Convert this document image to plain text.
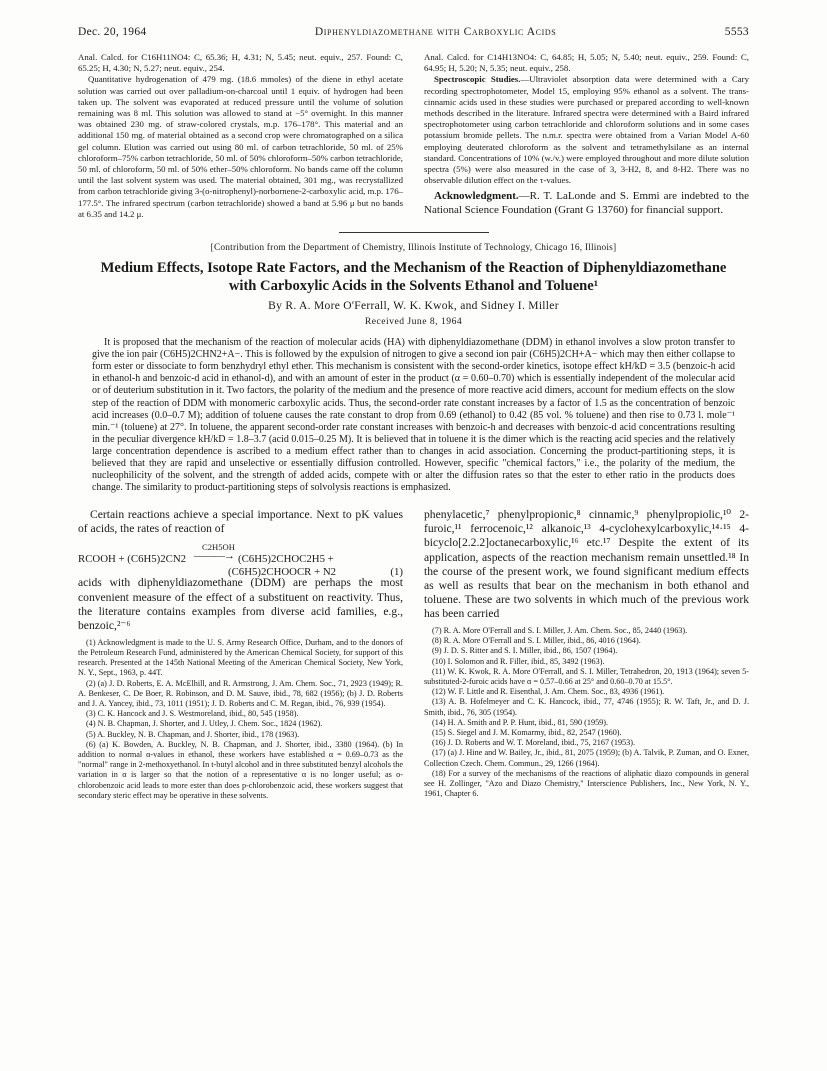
Dec. 20, 1964	Diphenyldiazomethane with Carboxylic Acids	5553

Anal. Calcd. for C16H11NO4: C, 65.36; H, 4.31; N, 5.45; neut. equiv., 257. Found: C, 65.25; H, 4.30; N, 5.27; neut. equiv., 254.

Quantitative hydrogenation of 479 mg. (18.6 mmoles) of the diene in ethyl acetate solution was carried out over palladium-on-charcoal until 1 equiv. of hydrogen had been taken up. The solvent was evaporated at reduced pressure until the volume of solution remaining was 8 ml. This solution was allowed to stand at −5° overnight. In this manner was obtained 230 mg. of straw-colored crystals, m.p. 176–178°. This material and an additional 150 mg. of material obtained as a second crop were chromatographed on a silica gel column. Elution was carried out using 80 ml. of carbon tetrachloride, 50 ml. of 25% chloroform–75% carbon tetrachloride, 50 ml. of 50% chloroform–50% carbon tetrachloride, 50 ml. of chloroform, 50 ml. of 50% ether–50% chloroform. No bands came off the column until the last solvent system was used. The material obtained, 301 mg., was recrystallized from carbon tetrachloride giving 3-(o-nitrophenyl)-norbornene-2-carboxylic acid, m.p. 176–177.5°. The infrared spectrum (carbon tetrachloride) showed a band at 5.96 μ but no bands at 6.35 and 14.2 μ.

Anal. Calcd. for C14H13NO4: C, 64.85; H, 5.05; N, 5.40; neut. equiv., 259. Found: C, 64.95; H, 5.20; N, 5.35; neut. equiv., 258.

Spectroscopic Studies.—Ultraviolet absorption data were determined with a Cary recording spectrophotometer, Model 15, employing 95% ethanol as a solvent. The trans-cinnamic acids used in these studies were purchased or prepared according to well-known methods described in the literature. Infrared spectra were determined with a Baird infrared spectrophotometer using carbon tetrachloride and chloroform solutions and in some cases potassium bromide pellets. The n.m.r. spectra were obtained from a Varian Model A-60 employing deuterated chloroform as the solvent and tetramethylsilane as an internal standard. Concentrations of 10% (w./v.) were employed throughout and more dilute solution spectra (5%) were also measured in the case of 3, 3-H2, 8, and 8-H2. There was no observable dilution effect on the τ-values.

Acknowledgment.—R. T. LaLonde and S. Emmi are indebted to the National Science Foundation (Grant G 13760) for financial support.
[Contribution from the Department of Chemistry, Illinois Institute of Technology, Chicago 16, Illinois]
Medium Effects, Isotope Rate Factors, and the Mechanism of the Reaction of Diphenyldiazomethane with Carboxylic Acids in the Solvents Ethanol and Toluene¹
By R. A. More O'Ferrall, W. K. Kwok, and Sidney I. Miller
Received June 8, 1964
It is proposed that the mechanism of the reaction of molecular acids (HA) with diphenyldiazomethane (DDM) in ethanol involves a slow proton transfer to give the ion pair (C6H5)2CHN2+A−. This is followed by the expulsion of nitrogen to give a second ion pair (C6H5)2CH+A− which may then either collapse to form ester or dissociate to form benzhydryl ethyl ether. This mechanism is consistent with the second-order kinetics, isotope effect kH/kD = 3.5 (benzoic-h acid in ethanol-h and benzoic-d acid in ethanol-d), and with an amount of ester in the product (α = 0.60–0.70) which is essentially independent of the molecular acid or of deuterium substitution in it. Two factors, the polarity of the medium and the presence of more reactive acid dimers, account for medium effects on the slow step of the reaction of DDM with monomeric carboxylic acids. Thus, the second-order rate constant increases by a factor of 1.5 as the concentration of benzoic acid increases (0.0–0.7 M); addition of toluene causes the rate constant to drop from 0.69 (ethanol) to 0.42 (85 vol. % toluene) and then rise to 0.73 l. mole⁻¹ min.⁻¹ (toluene) at 27°. In toluene, the apparent second-order rate constant increases with benzoic-h and decreases with benzoic-d acid concentrations resulting in the peculiar divergence kH/kD = 1.8–3.7 (acid 0.015–0.25 M). It is believed that in toluene it is the dimer which is the reacting acid species and the relatively large concentration dependence is ascribed to a medium effect rather than to changes in acid association. Concerning the product-partitioning steps, it is believed that they are rapid and unselective or essentially diffusion controlled. However, specific "chemical factors," i.e., the polarity of the medium, the nucleophilicity of the solvent, and the strength of added acids, compete with or alter the diffusion rates so that the ester to ether ratio in the products does change. The similarity to product-partitioning steps of solvolysis reactions is emphasized.

Certain reactions achieve a special importance. Next to pK values of acids, the rates of reaction of

RCOOH + (C6H5)2CN2
C2H5OH
———→ (C6H5)2CHOC2H5 +
(C6H5)2CHOOCR + N2	(1)

acids with diphenyldiazomethane (DDM) are perhaps the most convenient measure of the effect of a substituent on reactivity. Thus, the literature contains examples from diverse acid families, e.g., benzoic,²⁻⁶

(1) Acknowledgment is made to the U. S. Army Research Office, Durham, and to the donors of the Petroleum Research Fund, administered by the American Chemical Society, for support of this research. Presented at the 145th National Meeting of the American Chemical Society, New York, N. Y., Sept., 1963, p. 44T.

(2) (a) J. D. Roberts, E. A. McElhill, and R. Armstrong, J. Am. Chem. Soc., 71, 2923 (1949); R. A. Benkeser, C. De Boer, R. Robinson, and D. M. Sauve, ibid., 78, 682 (1956); (b) J. D. Roberts and J. A. Yancey, ibid., 73, 1011 (1951); J. D. Roberts and C. M. Regan, ibid., 76, 939 (1954).

(3) C. K. Hancock and J. S. Westmoreland, ibid., 80, 545 (1958).

(4) N. B. Chapman, J. Shorter, and J. Utley, J. Chem. Soc., 1824 (1962).

(5) A. Buckley, N. B. Chapman, and J. Shorter, ibid., 178 (1963).

(6) (a) K. Bowden, A. Buckley, N. B. Chapman, and J. Shorter, ibid., 3380 (1964). (b) In addition to normal α-values in ethanol, these workers have established α = 0.69–0.73 as the "normal" range in 2-methoxyethanol. In t-butyl alcohol and in three substituted benzyl alcohols the variation in α is larger so that the notion of a representative α is no longer useful; as o-chlorobenzoic acid leads to more ester than does p-chlorobenzoic acid, these workers suggest that secondary steric effect may be operative in these solvents.

phenylacetic,⁷ phenylpropionic,⁸ cinnamic,⁹ phenylpropiolic,¹⁰ 2-furoic,¹¹ ferrocenoic,¹² alkanoic,¹³ 4-cyclohexylcarboxylic,¹⁴·¹⁵ 4-bicyclo[2.2.2]octanecarboxylic,¹⁶ etc.¹⁷ Despite the extent of its application, aspects of the reaction mechanism remain unsettled.¹⁸ In the course of the present work, we found significant medium effects as well as results that bear on the mechanism in both ethanol and toluene. These are two solvents in which much of the previous work has been carried

(7) R. A. More O'Ferrall and S. I. Miller, J. Am. Chem. Soc., 85, 2440 (1963).

(8) R. A. More O'Ferrall and S. I. Miller, ibid., 86, 4016 (1964).

(9) J. D. S. Ritter and S. I. Miller, ibid., 86, 1507 (1964).

(10) I. Solomon and R. Filler, ibid., 85, 3492 (1963).

(11) W. K. Kwok, R. A. More O'Ferrall, and S. I. Miller, Tetrahedron, 20, 1913 (1964); seven 5-substituted-2-furoic acids have α = 0.57–0.66 at 25° and 0.60–0.70 at 15.5°.

(12) W. F. Little and R. Eisenthal, J. Am. Chem. Soc., 83, 4936 (1961).

(13) A. B. Hofelmeyer and C. K. Hancock, ibid., 77, 4746 (1955); R. W. Taft, Jr., and D. J. Smith, ibid., 76, 305 (1954).

(14) H. A. Smith and P. P. Hunt, ibid., 81, 590 (1959).

(15) S. Siegel and J. M. Komarmy, ibid., 82, 2547 (1960).

(16) J. D. Roberts and W. T. Moreland, ibid., 75, 2167 (1953).

(17) (a) J. Hine and W. Bailey, Jr., ibid., 81, 2075 (1959); (b) A. Talvik, P. Zuman, and O. Exner, Collection Czech. Chem. Commun., 29, 1266 (1964).

(18) For a survey of the mechanisms of the reactions of aliphatic diazo compounds in general see H. Zollinger, "Azo and Diazo Chemistry," Interscience Publishers, Inc., New York, N. Y., 1961, Chapter 6.
